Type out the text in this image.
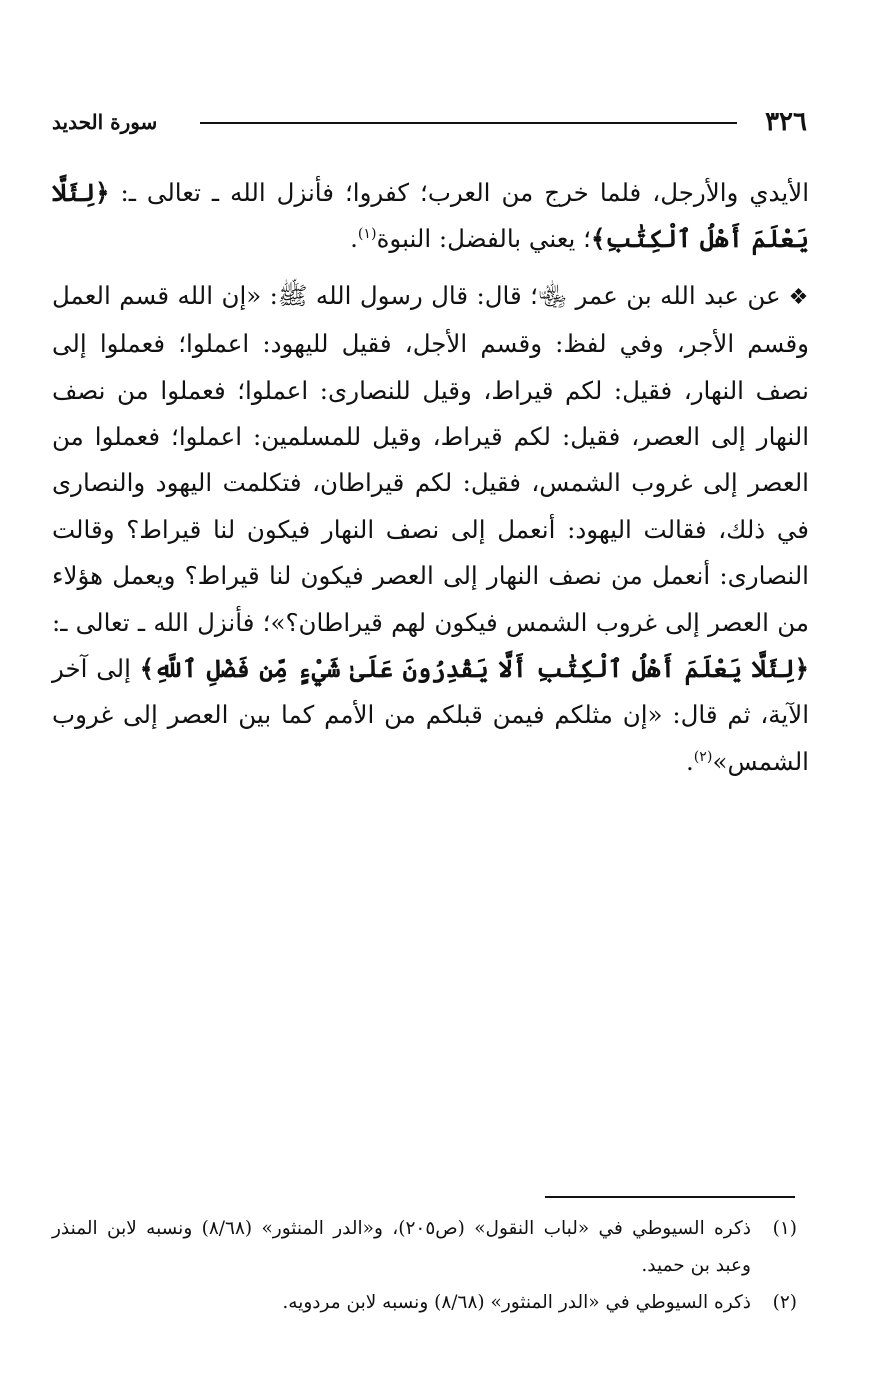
٣٢٦
سورة الحديد

الأيدي والأرجل، فلما خرج من العرب؛ كفروا؛ فأنزل الله ـ تعالى ـ: ﴿لِئَلَّا يَعْلَمَ أَهْلُ ٱلْكِتَٰبِ﴾؛ يعني بالفضل: النبوة$^{(١)}$.

❖عن عبد الله بن عمر ﵄؛ قال: قال رسول الله ﷺ: «إن الله قسم العمل وقسم الأجر، وفي لفظ: وقسم الأجل، فقيل لليهود: اعملوا؛ فعملوا إلى نصف النهار، فقيل: لكم قيراط، وقيل للنصارى: اعملوا؛ فعملوا من نصف النهار إلى العصر، فقيل: لكم قيراط، وقيل للمسلمين: اعملوا؛ فعملوا من العصر إلى غروب الشمس، فقيل: لكم قيراطان، فتكلمت اليهود والنصارى في ذلك، فقالت اليهود: أنعمل إلى نصف النهار فيكون لنا قيراط؟ وقالت النصارى: أنعمل من نصف النهار إلى العصر فيكون لنا قيراط؟ ويعمل هؤلاء من العصر إلى غروب الشمس فيكون لهم قيراطان؟»؛ فأنزل الله ـ تعالى ـ: ﴿لِئَلَّا يَعْلَمَ أَهْلُ ٱلْكِتَٰبِ أَلَّا يَقْدِرُونَ عَلَىٰ شَيْءٍ مِّن فَضْلِ ٱللَّهِ﴾ إلى آخر الآية، ثم قال: «إن مثلكم فيمن قبلكم من الأمم كما بين العصر إلى غروب الشمس»$^{(٢)}$.

(١)
ذكره السيوطي في «لباب النقول» (ص٢٠٥)، و«الدر المنثور» (٨/٦٨) ونسبه لابن المنذر وعبد بن حميد.
(٢)
ذكره السيوطي في «الدر المنثور» (٨/٦٨) ونسبه لابن مردويه.
